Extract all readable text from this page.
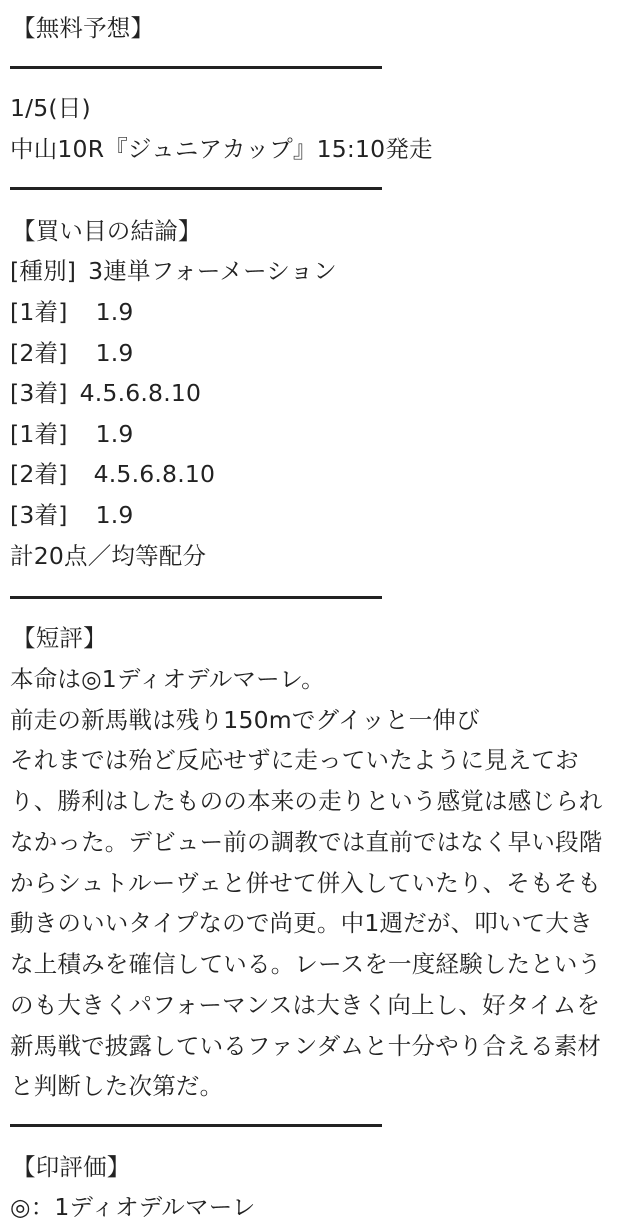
【無料予想】
1/5(日)
中山10R『ジュニアカップ』15:10発走
【買い目の結論】
[種別] 3連単フォーメーション
[1着] 1.9
[2着] 1.9
[3着] 4.5.6.8.10
[1着] 1.9
[2着] 4.5.6.8.10
[3着] 1.9
計20点／均等配分
【短評】
本命は◎1ディオデルマーレ。
前走の新馬戦は残り150mでグイッと一伸び
それまでは殆ど反応せずに走っていたように見えてお
り、勝利はしたものの本来の走りという感覚は感じられ
なかった。デビュー前の調教では直前ではなく早い段階
からシュトルーヴェと併せて併入していたり、そもそも
動きのいいタイプなので尚更。中1週だが、叩いて大き
な上積みを確信している。レースを一度経験したという
のも大きくパフォーマンスは大きく向上し、好タイムを
新馬戦で披露しているファンダムと十分やり合える素材
と判断した次第だ。
【印評価】
◎：1ディオデルマーレ
